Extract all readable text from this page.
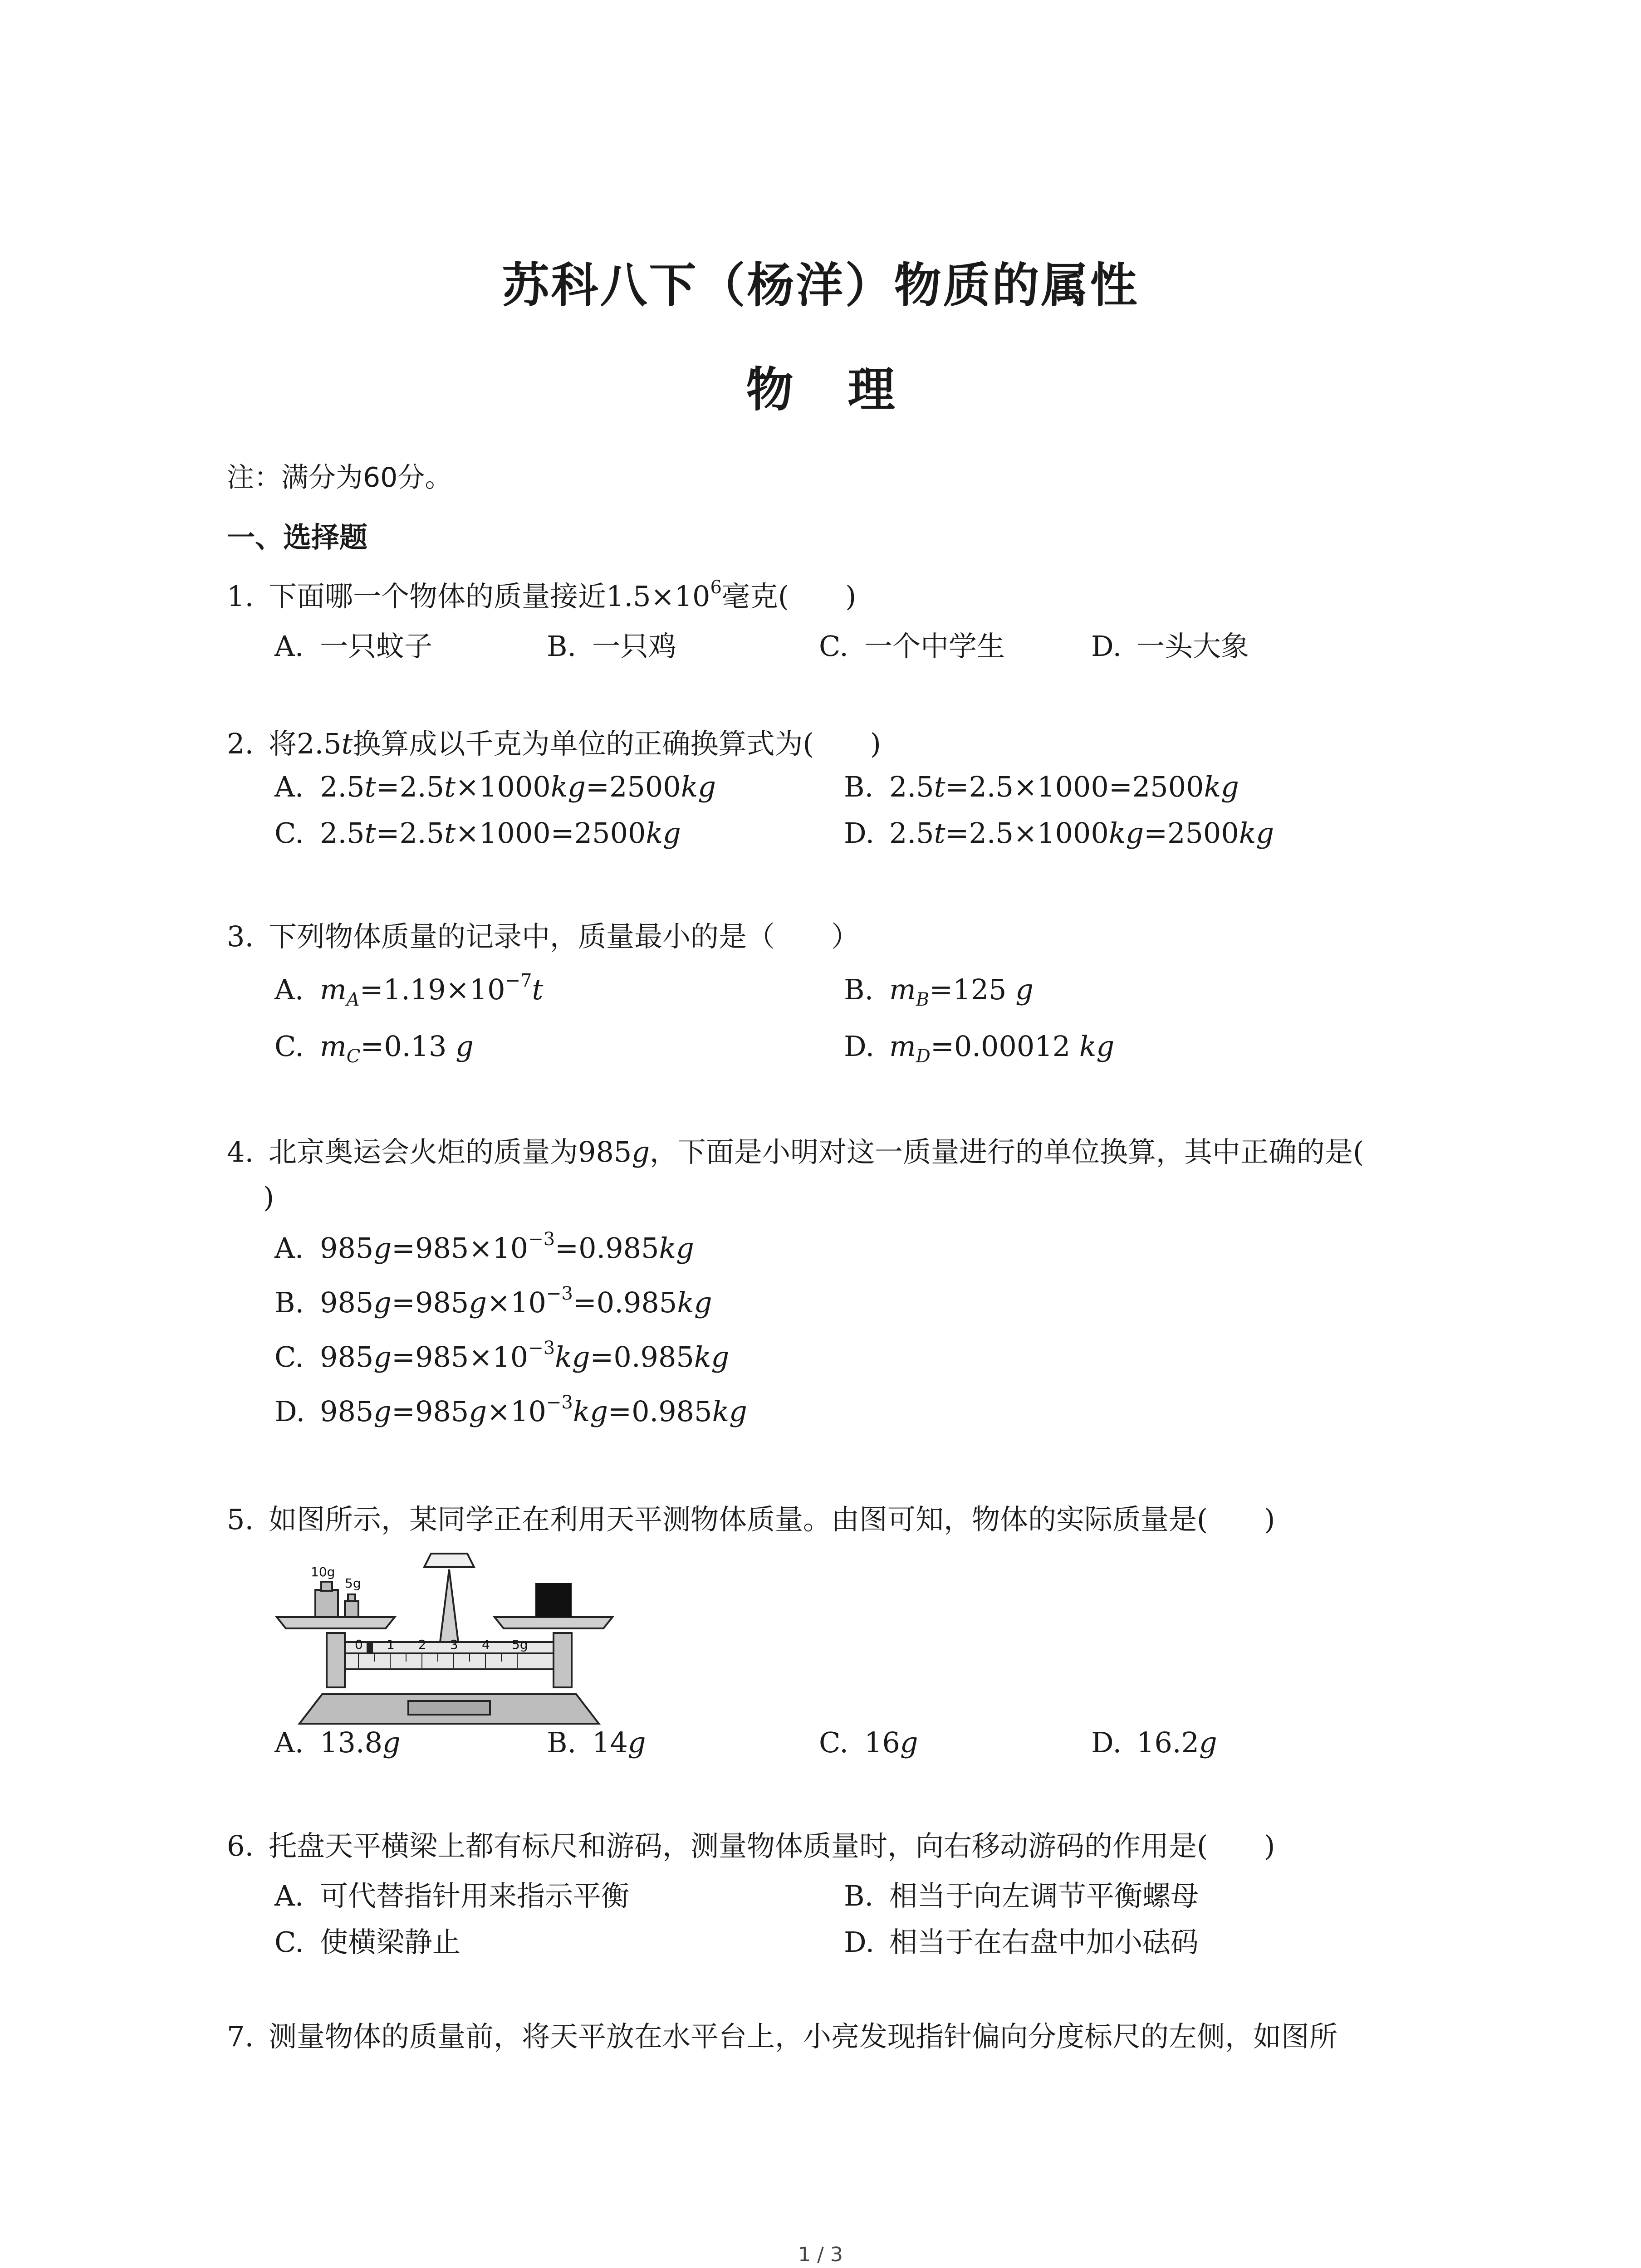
苏科八下（杨洋）物质的属性
物 理
注：满分为60分。
一、选择题
1. 下面哪一个物体的质量接近$1.5\times 10^6$毫克(　　)
A. 一只蚊子	B. 一只鸡	C. 一个中学生	D. 一头大象
2. 将2.5t换算成以千克为单位的正确换算式为(　　)
A. 2.5t=2.5t×1000kg=2500kg	B. 2.5t=2.5×1000=2500kg
C. 2.5t=2.5t×1000=2500kg	D. 2.5t=2.5×1000kg=2500kg
3. 下列物体质量的记录中，质量最小的是（　　）
A. $m_A=1.19\times 10^{-7}t$	B. $m_B=125$ g
C. $m_C=0.13$ g	D. $m_D=0.00012$ kg
4. 北京奥运会火炬的质量为985g，下面是小明对这一质量进行的单位换算，其中正确的是(
)
A. $985g=985\times 10^{-3}=0.985kg$
B. $985g=985g\times 10^{-3}=0.985kg$
C. $985g=985\times 10^{-3}kg=0.985kg$
D. $985g=985g\times 10^{-3}kg=0.985kg$
5. 如图所示，某同学正在利用天平测物体质量。由图可知，物体的实际质量是(　　)
10g
5g
0 1 2 3 4 5g
A. 13.8g	B. 14g	C. 16g	D. 16.2g
6. 托盘天平横梁上都有标尺和游码，测量物体质量时，向右移动游码的作用是(　　)
A. 可代替指针用来指示平衡	B. 相当于向左调节平衡螺母
C. 使横梁静止	D. 相当于在右盘中加小砝码
7. 测量物体的质量前，将天平放在水平台上，小亮发现指针偏向分度标尺的左侧，如图所
1 / 3
